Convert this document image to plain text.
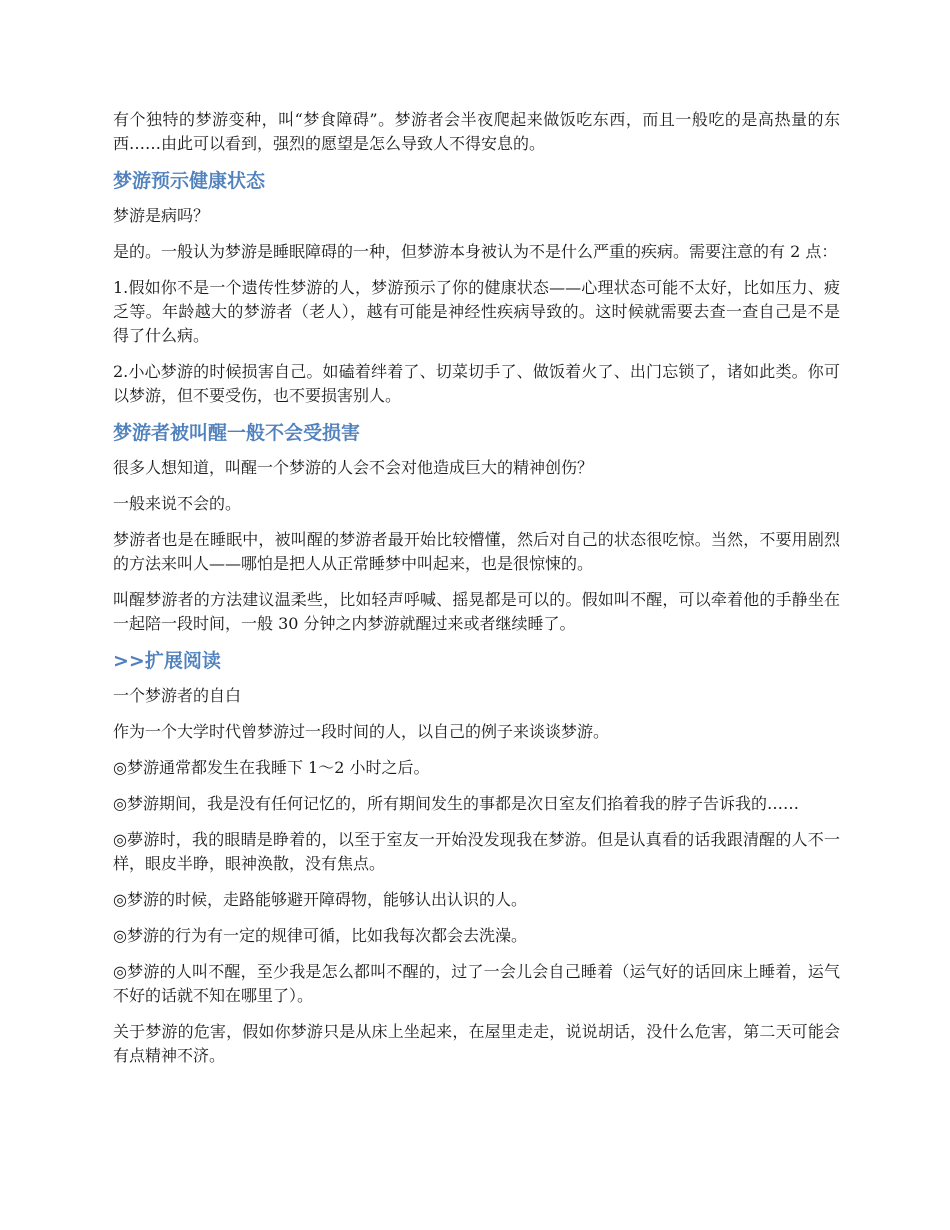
有个独特的梦游变种，叫“梦食障碍”。梦游者会半夜爬起来做饭吃东西，而且一般吃的是高热量的东西……由此可以看到，强烈的愿望是怎么导致人不得安息的。

梦游预示健康状态

梦游是病吗？

是的。一般认为梦游是睡眠障碍的一种，但梦游本身被认为不是什么严重的疾病。需要注意的有 2 点：

1.假如你不是一个遗传性梦游的人，梦游预示了你的健康状态——心理状态可能不太好，比如压力、疲乏等。年龄越大的梦游者（老人），越有可能是神经性疾病导致的。这时候就需要去查一查自己是不是得了什么病。

2.小心梦游的时候损害自己。如磕着绊着了、切菜切手了、做饭着火了、出门忘锁了，诸如此类。你可以梦游，但不要受伤，也不要损害别人。

梦游者被叫醒一般不会受损害

很多人想知道，叫醒一个梦游的人会不会对他造成巨大的精神创伤？

一般来说不会的。

梦游者也是在睡眠中，被叫醒的梦游者最开始比较懵懂，然后对自己的状态很吃惊。当然，不要用剧烈的方法来叫人——哪怕是把人从正常睡梦中叫起来，也是很惊悚的。

叫醒梦游者的方法建议温柔些，比如轻声呼喊、摇晃都是可以的。假如叫不醒，可以牵着他的手静坐在一起陪一段时间，一般 30 分钟之内梦游就醒过来或者继续睡了。

>>扩展阅读

一个梦游者的自白

作为一个大学时代曾梦游过一段时间的人，以自己的例子来谈谈梦游。

◎梦游通常都发生在我睡下 1～2 小时之后。

◎梦游期间，我是没有任何记忆的，所有期间发生的事都是次日室友们掐着我的脖子告诉我的……

◎夢游时，我的眼睛是睁着的，以至于室友一开始没发现我在梦游。但是认真看的话我跟清醒的人不一样，眼皮半睁，眼神涣散，没有焦点。

◎梦游的时候，走路能够避开障碍物，能够认出认识的人。

◎梦游的行为有一定的规律可循，比如我每次都会去洗澡。

◎梦游的人叫不醒，至少我是怎么都叫不醒的，过了一会儿会自己睡着（运气好的话回床上睡着，运气不好的话就不知在哪里了）。

关于梦游的危害，假如你梦游只是从床上坐起来，在屋里走走，说说胡话，没什么危害，第二天可能会有点精神不济。
